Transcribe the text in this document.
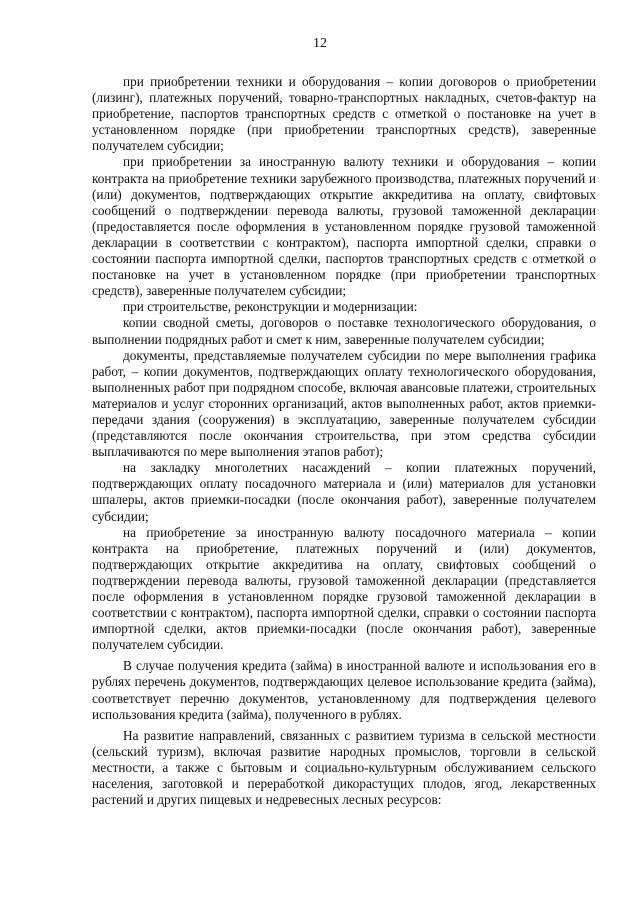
12

при приобретении техники и оборудования – копии договоров о приобретении (лизинг), платежных поручений, товарно-транспортных накладных, счетов-фактур на приобретение, паспортов транспортных средств с отметкой о постановке на учет в установленном порядке (при приобретении транспортных средств), заверенные получателем субсидии;

при приобретении за иностранную валюту техники и оборудования – копии контракта на приобретение техники зарубежного производства, платежных поручений и (или) документов, подтверждающих открытие аккредитива на оплату, свифтовых сообщений о подтверждении перевода валюты, грузовой таможенной декларации (предоставляется после оформления в установленном порядке грузовой таможенной декларации в соответствии с контрактом), паспорта импортной сделки, справки о состоянии паспорта импортной сделки, паспортов транспортных средств с отметкой о постановке на учет в установленном порядке (при приобретении транспортных средств), заверенные получателем субсидии;

при строительстве, реконструкции и модернизации:

копии сводной сметы, договоров о поставке технологического оборудования, о выполнении подрядных работ и смет к ним, заверенные получателем субсидии;

документы, представляемые получателем субсидии по мере выполнения графика работ, – копии документов, подтверждающих оплату технологического оборудования, выполненных работ при подрядном способе, включая авансовые платежи, строительных материалов и услуг сторонних организаций, актов выполненных работ, актов приемки-передачи здания (сооружения) в эксплуатацию, заверенные получателем субсидии (представляются после окончания строительства, при этом средства субсидии выплачиваются по мере выполнения этапов работ);

на закладку многолетних насаждений – копии платежных поручений, подтверждающих оплату посадочного материала и (или) материалов для установки шпалеры, актов приемки-посадки (после окончания работ), заверенные получателем субсидии;

на приобретение за иностранную валюту посадочного материала – копии контракта на приобретение, платежных поручений и (или) документов, подтверждающих открытие аккредитива на оплату, свифтовых сообщений о подтверждении перевода валюты, грузовой таможенной декларации (представляется после оформления в установленном порядке грузовой таможенной декларации в соответствии с контрактом), паспорта импортной сделки, справки о состоянии паспорта импортной сделки, актов приемки-посадки (после окончания работ), заверенные получателем субсидии.

В случае получения кредита (займа) в иностранной валюте и использования его в рублях перечень документов, подтверждающих целевое использование кредита (займа), соответствует перечню документов, установленному для подтверждения целевого использования кредита (займа), полученного в рублях.

На развитие направлений, связанных с развитием туризма в сельской местности (сельский туризм), включая развитие народных промыслов, торговли в сельской местности, а также с бытовым и социально-культурным обслуживанием сельского населения, заготовкой и переработкой дикорастущих плодов, ягод, лекарственных растений и других пищевых и недревесных лесных ресурсов:
